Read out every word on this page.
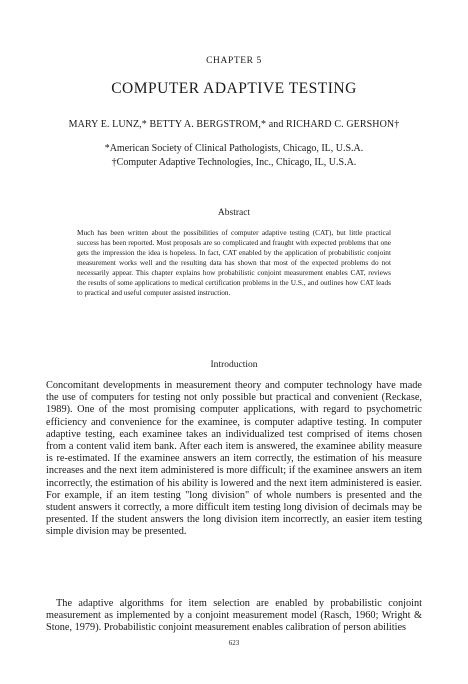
CHAPTER 5
COMPUTER ADAPTIVE TESTING
MARY E. LUNZ,* BETTY A. BERGSTROM,* and RICHARD C. GERSHON†
*American Society of Clinical Pathologists, Chicago, IL, U.S.A.
†Computer Adaptive Technologies, Inc., Chicago, IL, U.S.A.
Abstract

Much has been written about the possibilities of computer adaptive testing (CAT), but little practical success has been reported. Most proposals are so complicated and fraught with expected problems that one gets the impression the idea is hopeless. In fact, CAT enabled by the application of probabilistic conjoint measurement works well and the resulting data has shown that most of the expected problems do not necessarily appear. This chapter explains how probabilistic conjoint measurement enables CAT, reviews the results of some applications to medical certification problems in the U.S., and outlines how CAT leads to practical and useful computer assisted instruction.

Introduction

Concomitant developments in measurement theory and computer technology have made the use of computers for testing not only possible but practical and convenient (Reckase, 1989). One of the most promising computer applications, with regard to psychometric efficiency and convenience for the examinee, is computer adaptive testing. In computer adaptive testing, each examinee takes an individualized test comprised of items chosen from a content valid item bank. After each item is answered, the examinee ability measure is re-estimated. If the examinee answers an item correctly, the estimation of his measure increases and the next item administered is more difficult; if the examinee answers an item incorrectly, the estimation of his ability is lowered and the next item administered is easier. For example, if an item testing "long division" of whole numbers is presented and the student answers it correctly, a more difficult item testing long division of decimals may be presented. If the student answers the long division item incorrectly, an easier item testing simple division may be presented.

The adaptive algorithms for item selection are enabled by probabilistic conjoint measurement as implemented by a conjoint measurement model (Rasch, 1960; Wright & Stone, 1979). Probabilistic conjoint measurement enables calibration of person abilities

623
